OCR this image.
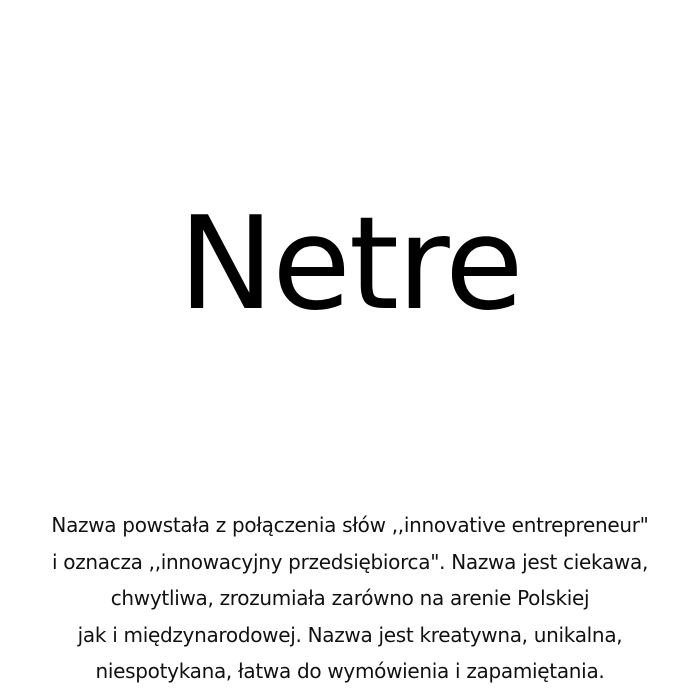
Netre
Nazwa powstała z połączenia słów ,,innovative entrepreneur"
i oznacza ,,innowacyjny przedsiębiorca". Nazwa jest ciekawa,
chwytliwa, zrozumiała zarówno na arenie Polskiej
jak i międzynarodowej. Nazwa jest kreatywna, unikalna,
niespotykana, łatwa do wymówienia i zapamiętania.
